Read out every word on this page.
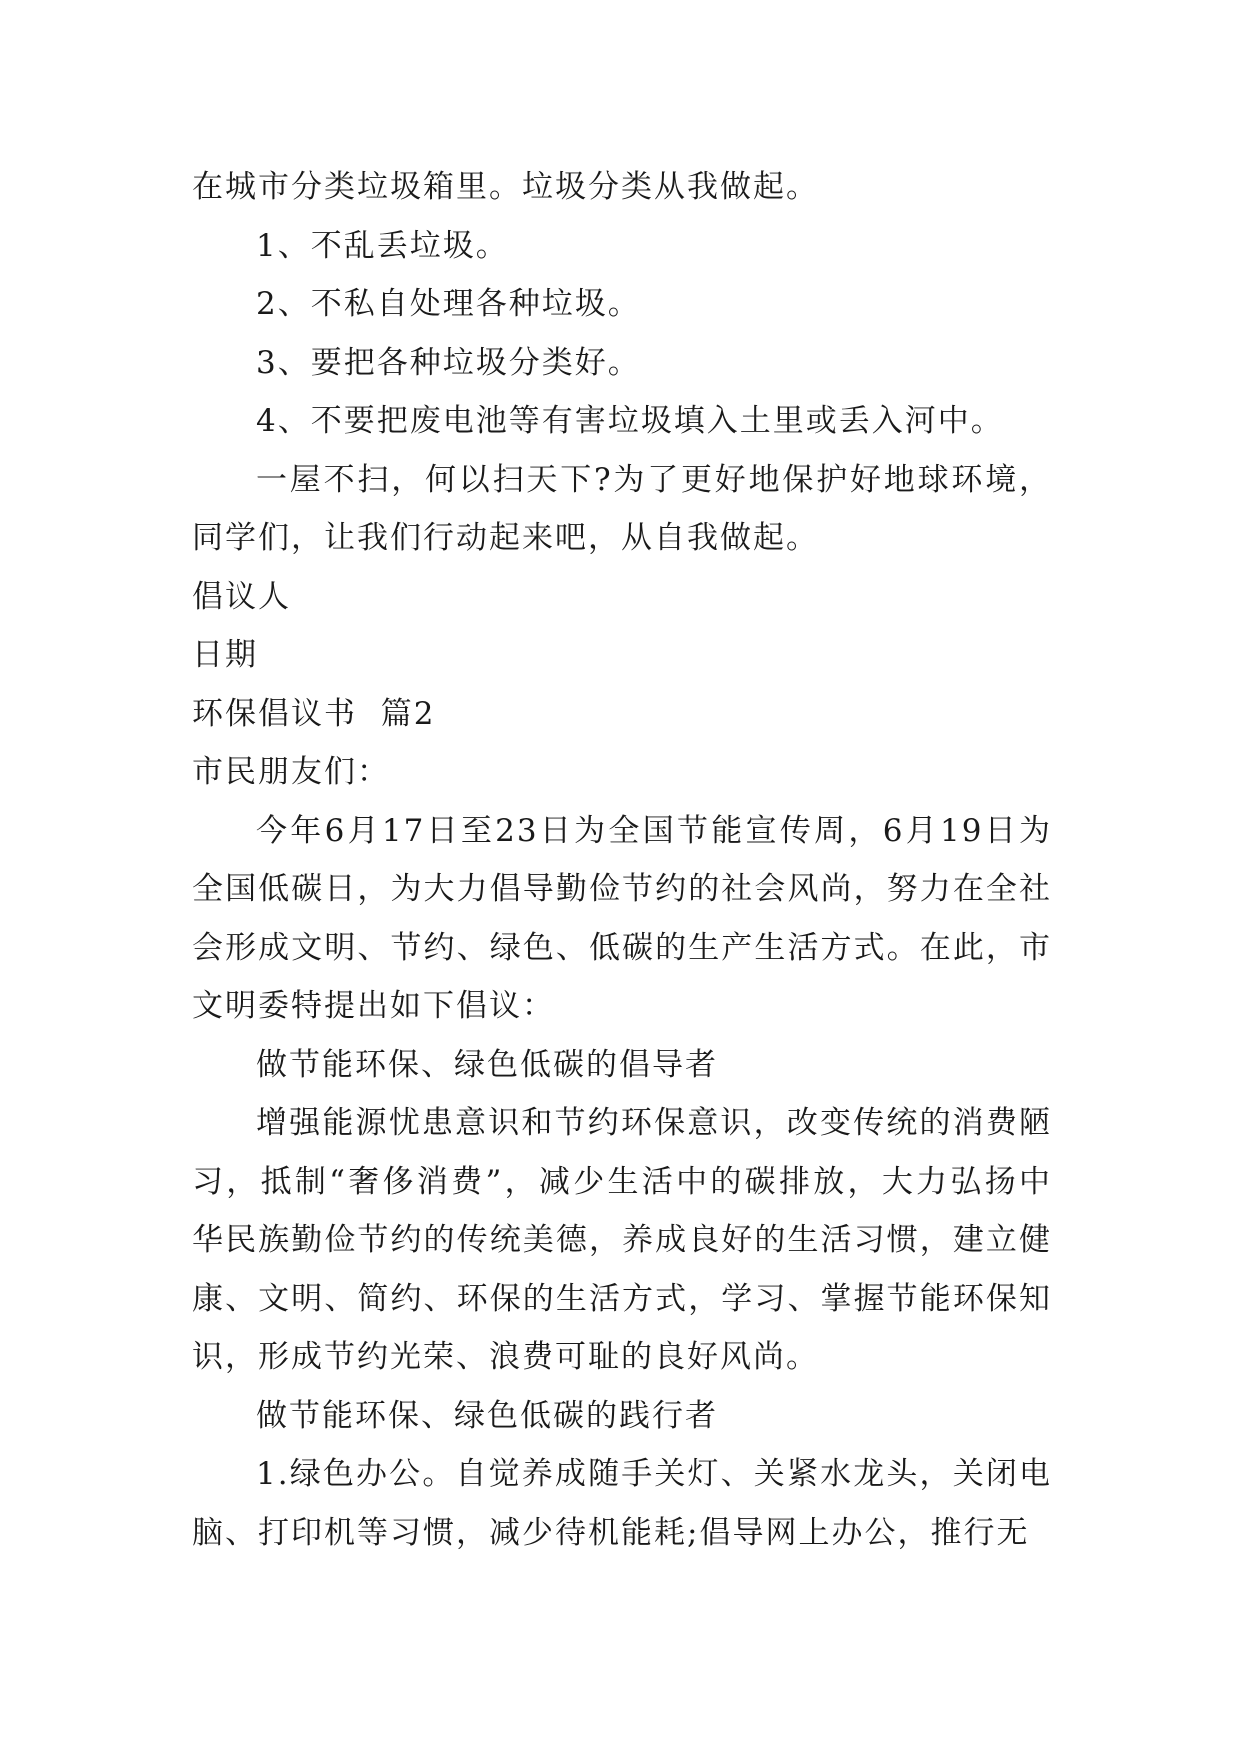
在城市分类垃圾箱里。垃圾分类从我做起。

1、不乱丢垃圾。

2、不私自处理各种垃圾。

3、要把各种垃圾分类好。

4、不要把废电池等有害垃圾填入土里或丢入河中。

一屋不扫，何以扫天下?为了更好地保护好地球环境，同学们，让我们行动起来吧，从自我做起。

倡议人

日期

环保倡议书  篇2

市民朋友们：

今年6月17日至23日为全国节能宣传周，6月19日为全国低碳日，为大力倡导勤俭节约的社会风尚，努力在全社会形成文明、节约、绿色、低碳的生产生活方式。在此，市文明委特提出如下倡议：

做节能环保、绿色低碳的倡导者

增强能源忧患意识和节约环保意识，改变传统的消费陋习，抵制“奢侈消费”，减少生活中的碳排放，大力弘扬中华民族勤俭节约的传统美德，养成良好的生活习惯，建立健康、文明、简约、环保的生活方式，学习、掌握节能环保知识，形成节约光荣、浪费可耻的良好风尚。

做节能环保、绿色低碳的践行者

1.绿色办公。自觉养成随手关灯、关紧水龙头，关闭电脑、打印机等习惯，减少待机能耗;倡导网上办公，推行无
